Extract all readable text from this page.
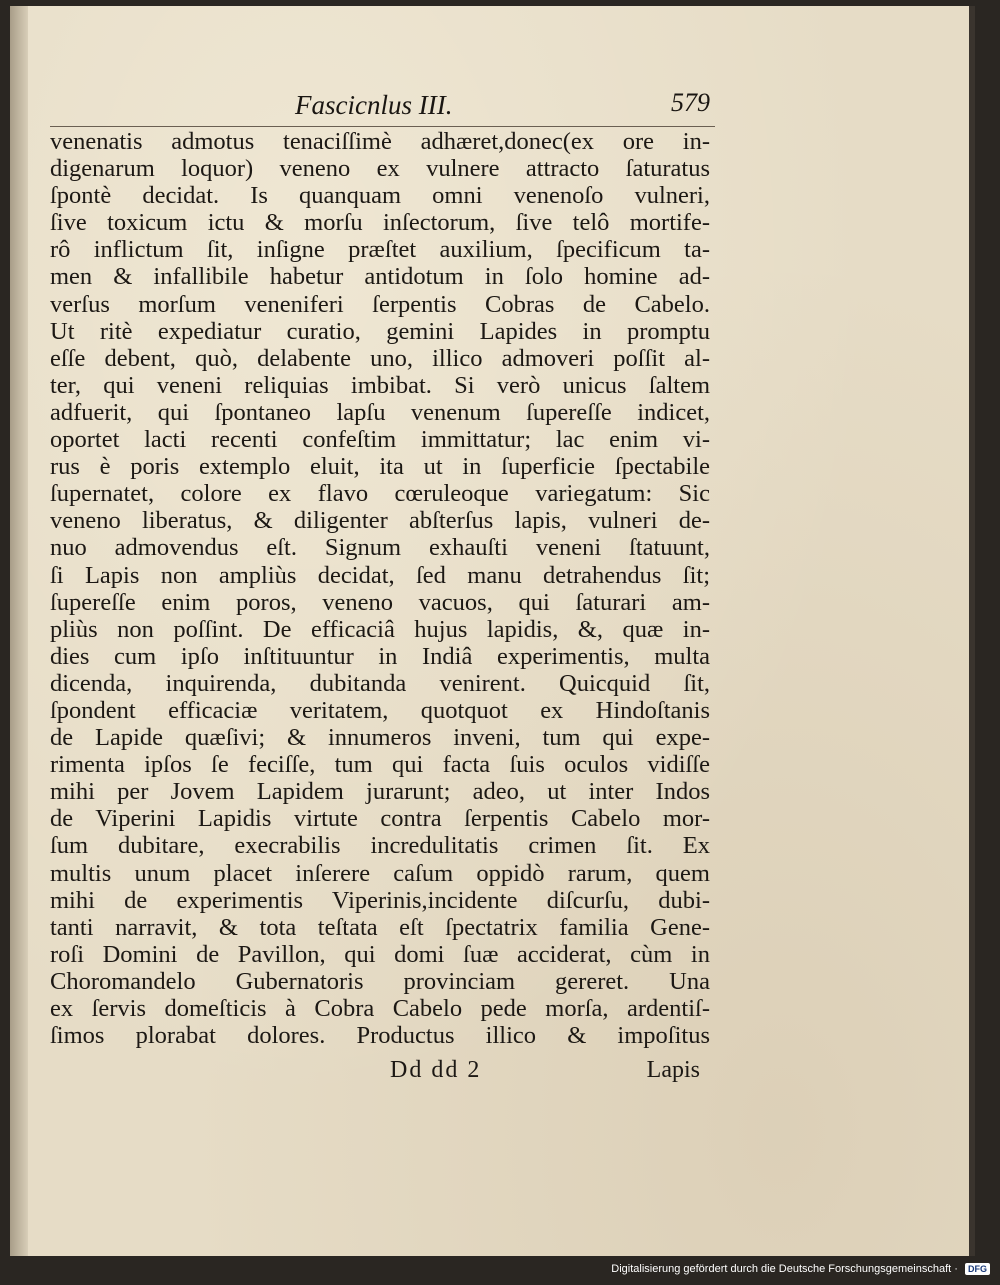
Fascicnlus III.	579
venenatis admotus tenaciſſimè adhæret,donec(ex ore in-
digenarum loquor) veneno ex vulnere attracto ſaturatus
ſpontè decidat. Is quanquam omni venenoſo vulneri,
ſive toxicum ictu & morſu inſectorum, ſive telô mortife-
rô inflictum ſit, inſigne præſtet auxilium, ſpecificum ta-
men & infallibile habetur antidotum in ſolo homine ad-
verſus morſum veneniferi ſerpentis Cobras de Cabelo.
Ut ritè expediatur curatio, gemini Lapides in promptu
eſſe debent, quò, delabente uno, illico admoveri poſſit al-
ter, qui veneni reliquias imbibat. Si verò unicus ſaltem
adfuerit, qui ſpontaneo lapſu venenum ſupereſſe indicet,
oportet lacti recenti confeſtim immittatur; lac enim vi-
rus è poris extemplo eluit, ita ut in ſuperficie ſpectabile
ſupernatet, colore ex flavo cœruleoque variegatum: Sic
veneno liberatus, & diligenter abſterſus lapis, vulneri de-
nuo admovendus eſt. Signum exhauſti veneni ſtatuunt,
ſi Lapis non ampliùs decidat, ſed manu detrahendus ſit;
ſupereſſe enim poros, veneno vacuos, qui ſaturari am-
pliùs non poſſint. De efficaciâ hujus lapidis, &, quæ in-
dies cum ipſo inſtituuntur in Indiâ experimentis, multa
dicenda, inquirenda, dubitanda venirent. Quicquid ſit,
ſpondent efficaciæ veritatem, quotquot ex Hindoſtanis
de Lapide quæſivi; & innumeros inveni, tum qui expe-
rimenta ipſos ſe feciſſe, tum qui facta ſuis oculos vidiſſe
mihi per Jovem Lapidem jurarunt; adeo, ut inter Indos
de Viperini Lapidis virtute contra ſerpentis Cabelo mor-
ſum dubitare, execrabilis incredulitatis crimen ſit. Ex
multis unum placet inſerere caſum oppidò rarum, quem
mihi de experimentis Viperinis,incidente diſcurſu, dubi-
tanti narravit, & tota teſtata eſt ſpectatrix familia Gene-
roſi Domini de Pavillon, qui domi ſuæ acciderat, cùm in
Choromandelo Gubernatoris provinciam gereret. Una
ex ſervis domeſticis à Cobra Cabelo pede morſa, ardentiſ-
ſimos plorabat dolores. Productus illico & impoſitus
Dd dd 2	Lapis
Digitalisierung gefördert durch die Deutsche Forschungsgemeinschaft · DFG
